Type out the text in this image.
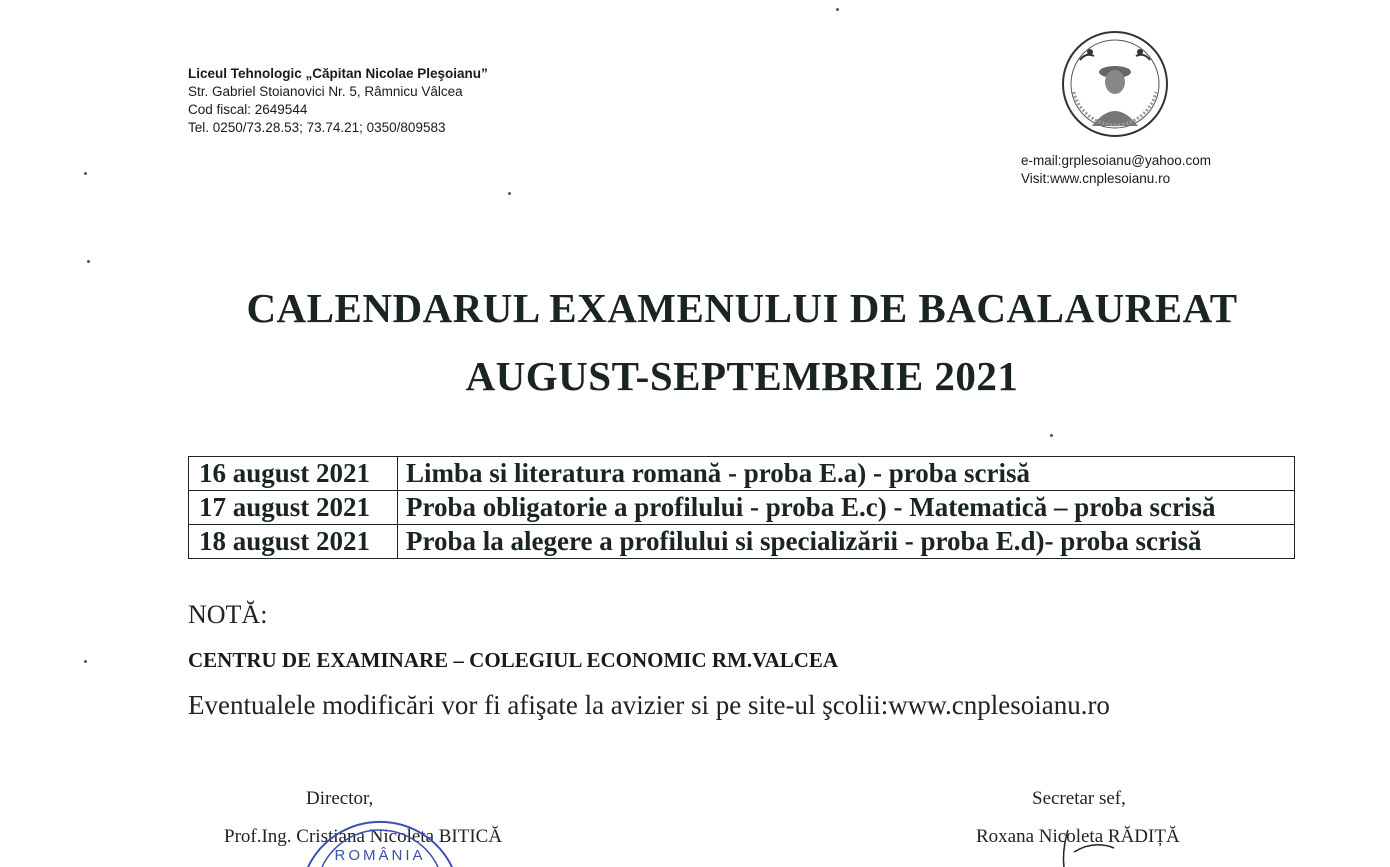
Liceul Tehnologic „Căpitan Nicolae Pleşoianu”
Str. Gabriel Stoianovici Nr. 5, Râmnicu Vâlcea
Cod fiscal: 2649544
Tel. 0250/73.28.53; 73.74.21; 0350/809583
e-mail:grplesoianu@yahoo.com
Visit:www.cnplesoianu.ro
CALENDARUL EXAMENULUI DE BACALAUREAT
AUGUST-SEPTEMBRIE 2021
16 august 2021	Limba si literatura romană - proba E.a) - proba scrisă
17 august 2021	Proba obligatorie a profilului - proba E.c) - Matematică – proba scrisă
18 august 2021	Proba la alegere a profilului si specializării - proba E.d)- proba scrisă
NOTĂ:
CENTRU DE EXAMINARE – COLEGIUL ECONOMIC RM.VALCEA
Eventualele modificări vor fi afişate la avizier si pe site-ul şcolii:www.cnplesoianu.ro
Director,
Prof.Ing. Cristiana Nicoleta BITICĂ
Secretar sef,
Roxana Nicoleta RĂDIȚĂ
ROMÂNIA
